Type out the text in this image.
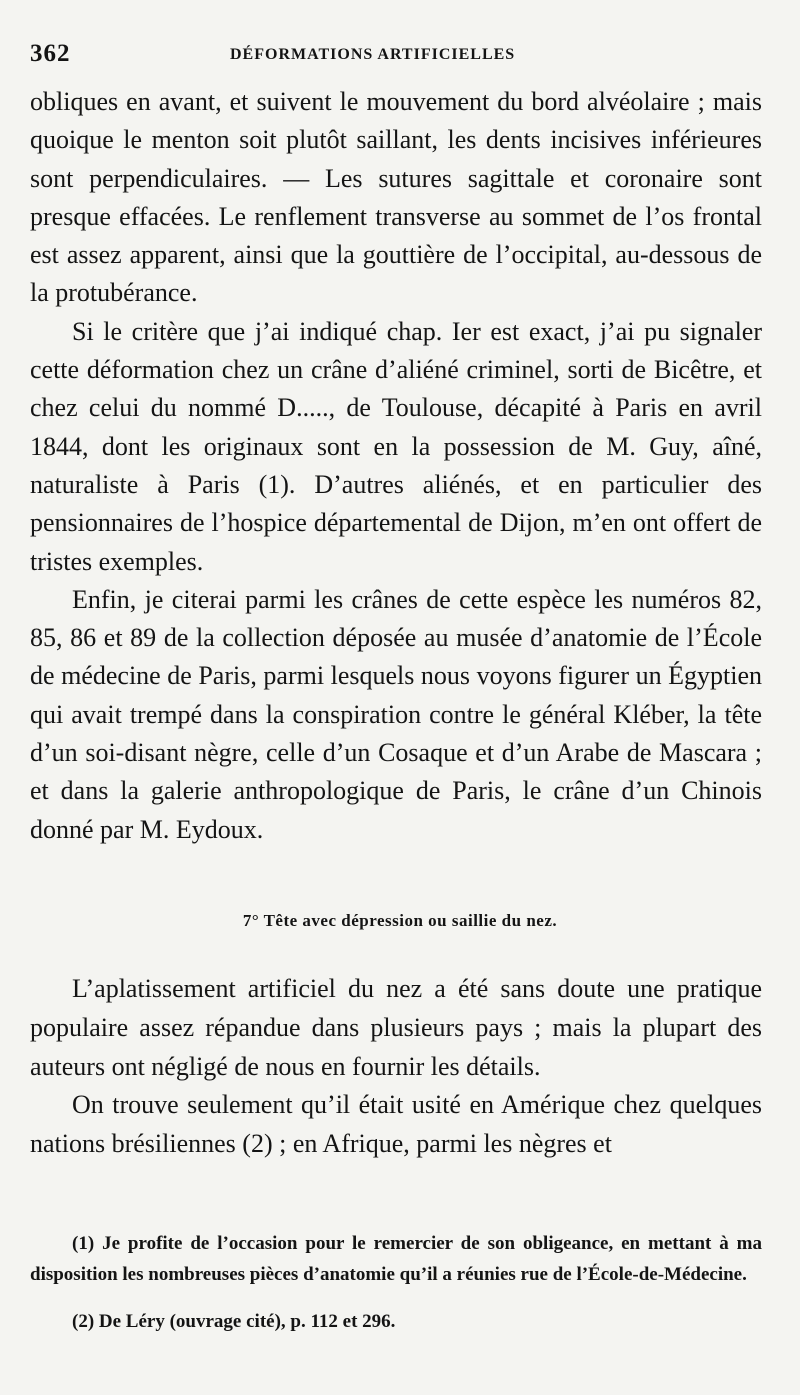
362	DÉFORMATIONS ARTIFICIELLES

obliques en avant, et suivent le mouvement du bord alvéolaire ; mais quoique le menton soit plutôt saillant, les dents incisives inférieures sont perpendiculaires. — Les sutures sagittale et coronaire sont presque effacées. Le renflement transverse au sommet de l’os frontal est assez apparent, ainsi que la gouttière de l’occipital, au-dessous de la protubérance.

Si le critère que j’ai indiqué chap. Ier est exact, j’ai pu signaler cette déformation chez un crâne d’aliéné criminel, sorti de Bicêtre, et chez celui du nommé D....., de Toulouse, décapité à Paris en avril 1844, dont les originaux sont en la possession de M. Guy, aîné, naturaliste à Paris (1). D’autres aliénés, et en particulier des pensionnaires de l’hospice départemental de Dijon, m’en ont offert de tristes exemples.

Enfin, je citerai parmi les crânes de cette espèce les numéros 82, 85, 86 et 89 de la collection déposée au musée d’anatomie de l’École de médecine de Paris, parmi lesquels nous voyons figurer un Égyptien qui avait trempé dans la conspiration contre le général Kléber, la tête d’un soi-disant nègre, celle d’un Cosaque et d’un Arabe de Mascara ; et dans la galerie anthropologique de Paris, le crâne d’un Chinois donné par M. Eydoux.

7° Tête avec dépression ou saillie du nez.

L’aplatissement artificiel du nez a été sans doute une pratique populaire assez répandue dans plusieurs pays ; mais la plupart des auteurs ont négligé de nous en fournir les détails.

On trouve seulement qu’il était usité en Amérique chez quelques nations brésiliennes (2) ; en Afrique, parmi les nègres et

(1) Je profite de l’occasion pour le remercier de son obligeance, en mettant à ma disposition les nombreuses pièces d’anatomie qu’il a réunies rue de l’École-de-Médecine.

(2) De Léry (ouvrage cité), p. 112 et 296.
